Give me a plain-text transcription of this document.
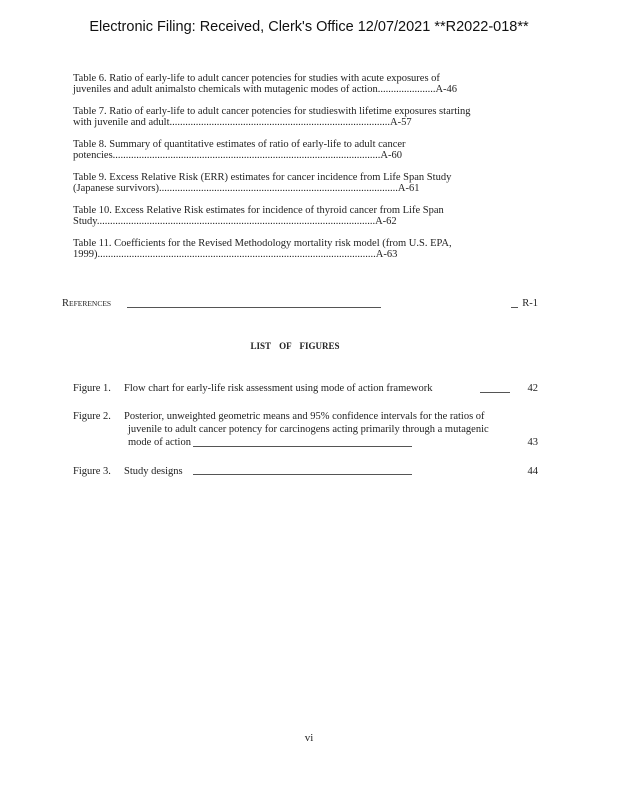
Electronic Filing: Received, Clerk's Office 12/07/2021 **R2022-018**

Table 6. Ratio of early-life to adult cancer potencies for studies with acute exposures of
juveniles and adult animalsto chemicals with mutagenic modes of action......................A-46

Table 7. Ratio of early-life to adult cancer potencies for studieswith lifetime exposures starting
with juvenile and adult....................................................................................A-57

Table 8. Summary of quantitative estimates of ratio of early-life to adult cancer
potencies......................................................................................................A-60

Table 9. Excess Relative Risk (ERR) estimates for cancer incidence from Life Span Study
(Japanese survivors)...........................................................................................A-61

Table 10. Excess Relative Risk estimates for incidence of thyroid cancer from Life Span
Study..........................................................................................................A-62

Table 11. Coefficients for the Revised Methodology mortality risk model (from U.S. EPA,
1999)..........................................................................................................A-63

REFERENCES	R-1
LIST OF FIGURES
Figure 1. Flow chart for early-life risk assessment using mode of action framework	42
Figure 2. Posterior, unweighted geometric means and 95% confidence intervals for the ratios of
juvenile to adult cancer potency for carcinogens acting primarily through a mutagenic
mode of action	43
Figure 3. Study designs	44
vi
